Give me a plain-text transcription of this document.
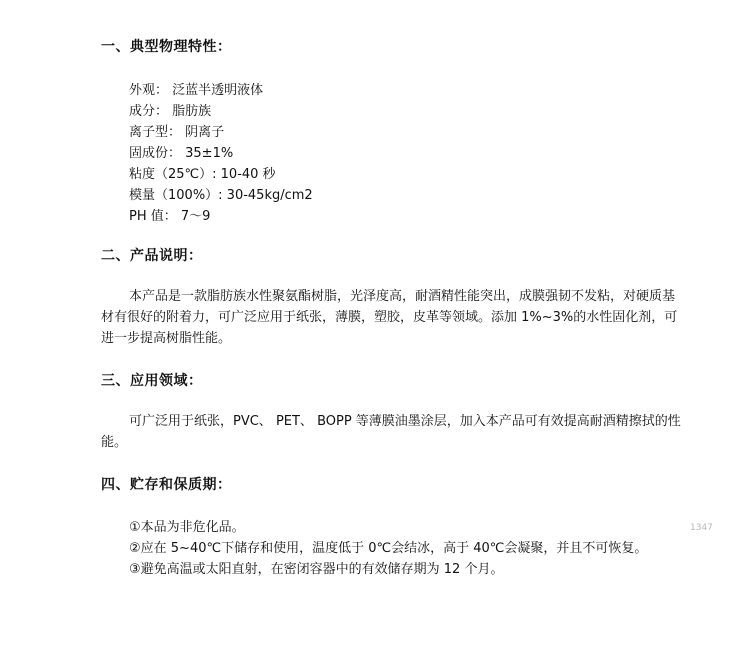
一、典型物理特性：
外观： 泛蓝半透明液体
成分： 脂肪族
离子型： 阴离子
固成份： 35±1%
粘度（25℃）: 10-40 秒
模量（100%）: 30-45kg/cm2
PH 值： 7～9
二、产品说明：
本产品是一款脂肪族水性聚氨酯树脂，光泽度高，耐酒精性能突出，成膜强韧不发粘，对硬质基材有很好的附着力，可广泛应用于纸张，薄膜，塑胶，皮革等领域。添加 1%~3%的水性固化剂，可进一步提高树脂性能。
三、应用领域：
可广泛用于纸张，PVC、 PET、 BOPP 等薄膜油墨涂层，加入本产品可有效提高耐酒精擦拭的性能。
四、贮存和保质期：
①本品为非危化品。
②应在 5~40℃下储存和使用，温度低于 0℃会结冰，高于 40℃会凝聚，并且不可恢复。
③避免高温或太阳直射，在密闭容器中的有效储存期为 12 个月。
1347
